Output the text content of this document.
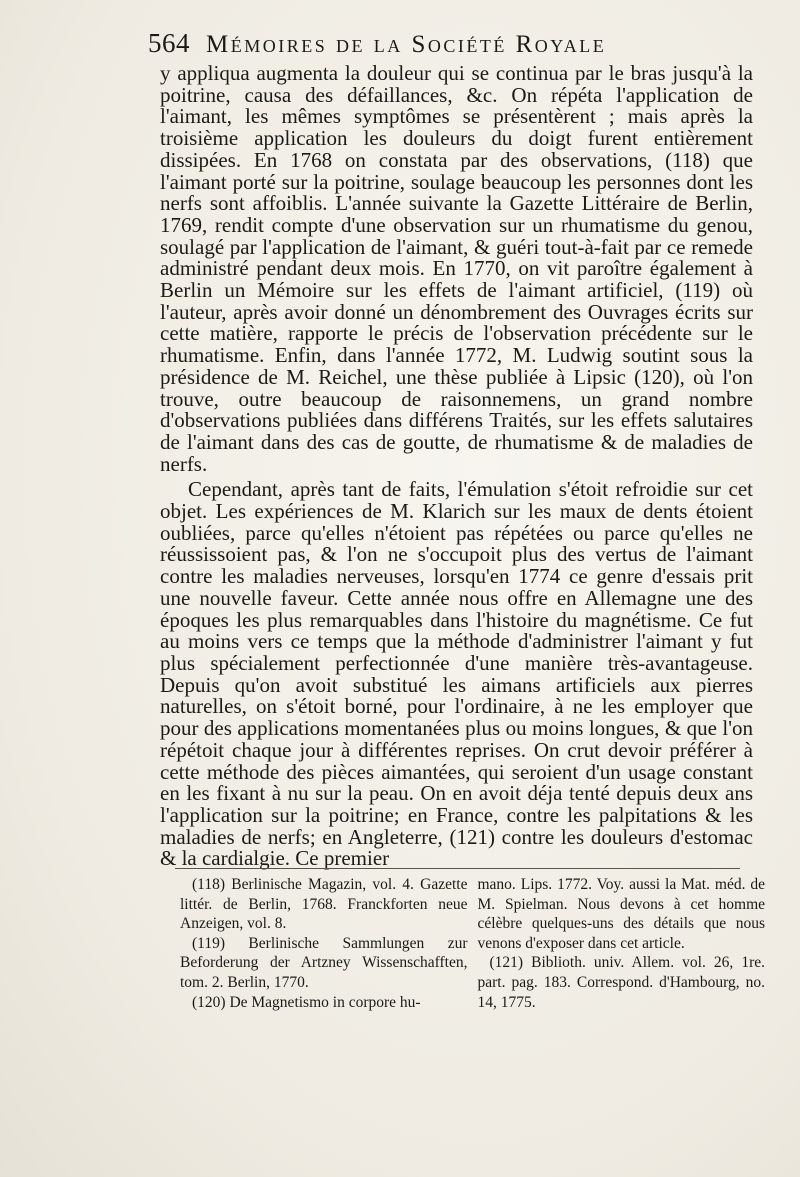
564 Mémoires de la Société Royale

y appliqua augmenta la douleur qui se continua par le bras jusqu'à la poitrine, causa des défaillances, &c. On répéta l'application de l'aimant, les mêmes symptômes se présentèrent ; mais après la troisième application les douleurs du doigt furent entièrement dissipées. En 1768 on constata par des observations, (118) que l'aimant porté sur la poitrine, soulage beaucoup les personnes dont les nerfs sont affoiblis. L'année suivante la Gazette Littéraire de Berlin, 1769, rendit compte d'une observation sur un rhumatisme du genou, soulagé par l'application de l'aimant, & guéri tout-à-fait par ce remede administré pendant deux mois. En 1770, on vit paroître également à Berlin un Mémoire sur les effets de l'aimant artificiel, (119) où l'auteur, après avoir donné un dénombrement des Ouvrages écrits sur cette matière, rapporte le précis de l'observation précédente sur le rhumatisme. Enfin, dans l'année 1772, M. Ludwig soutint sous la présidence de M. Reichel, une thèse publiée à Lipsic (120), où l'on trouve, outre beaucoup de raisonnemens, un grand nombre d'observations publiées dans différens Traités, sur les effets salutaires de l'aimant dans des cas de goutte, de rhumatisme & de maladies de nerfs.

Cependant, après tant de faits, l'émulation s'étoit refroidie sur cet objet. Les expériences de M. Klarich sur les maux de dents étoient oubliées, parce qu'elles n'étoient pas répétées ou parce qu'elles ne réussissoient pas, & l'on ne s'occupoit plus des vertus de l'aimant contre les maladies nerveuses, lorsqu'en 1774 ce genre d'essais prit une nouvelle faveur. Cette année nous offre en Allemagne une des époques les plus remarquables dans l'histoire du magnétisme. Ce fut au moins vers ce temps que la méthode d'administrer l'aimant y fut plus spécialement perfectionnée d'une manière très-avantageuse. Depuis qu'on avoit substitué les aimans artificiels aux pierres naturelles, on s'étoit borné, pour l'ordinaire, à ne les employer que pour des applications momentanées plus ou moins longues, & que l'on répétoit chaque jour à différentes reprises. On crut devoir préférer à cette méthode des pièces aimantées, qui seroient d'un usage constant en les fixant à nu sur la peau. On en avoit déja tenté depuis deux ans l'application sur la poitrine; en France, contre les palpitations & les maladies de nerfs; en Angleterre, (121) contre les douleurs d'estomac & la cardialgie. Ce premier

(118) Berlinische Magazin, vol. 4. Gazette littér. de Berlin, 1768. Franckforten neue Anzeigen, vol. 8.

(119) Berlinische Sammlungen zur Beforderung der Artzney Wissenschafften, tom. 2. Berlin, 1770.

(120) De Magnetismo in corpore hu-

mano. Lips. 1772. Voy. aussi la Mat. méd. de M. Spielman. Nous devons à cet homme célèbre quelques-uns des détails que nous venons d'exposer dans cet article.

(121) Biblioth. univ. Allem. vol. 26, 1re. part. pag. 183. Correspond. d'Hambourg, no. 14, 1775.
